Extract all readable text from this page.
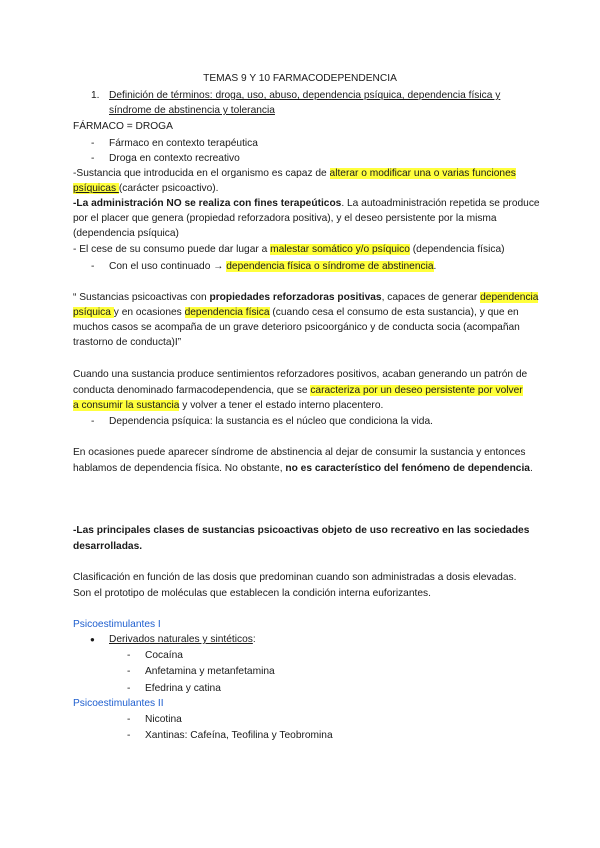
TEMAS 9 Y 10 FARMACODEPENDENCIA
1. Definición de términos: droga, uso, abuso, dependencia psíquica, dependencia física y
síndrome de abstinencia y tolerancia
FÁRMACO = DROGA
- Fármaco en contexto terapéutica
- Droga en contexto recreativo
-Sustancia que introducida en el organismo es capaz de alterar o modificar una o varias funciones
psíquicas (carácter psicoactivo).
-La administración NO se realiza con fines terapeúticos. La autoadministración repetida se produce
por el placer que genera (propiedad reforzadora positiva), y el deseo persistente por la misma
(dependencia psíquica)
- El cese de su consumo puede dar lugar a malestar somático y/o psíquico (dependencia física)
- Con el uso continuado → dependencia física o síndrome de abstinencia.
“ Sustancias psicoactivas con propiedades reforzadoras positivas, capaces de generar dependencia
psíquica y en ocasiones dependencia física (cuando cesa el consumo de esta sustancia), y que en
muchos casos se acompaña de un grave deterioro psicoorgánico y de conducta socia (acompañan
trastorno de conducta)I”
Cuando una sustancia produce sentimientos reforzadores positivos, acaban generando un patrón de
conducta denominado farmacodependencia, que se caracteriza por un deseo persistente por volver
a consumir la sustancia y volver a tener el estado interno placentero.
- Dependencia psíquica: la sustancia es el núcleo que condiciona la vida.
En ocasiones puede aparecer síndrome de abstinencia al dejar de consumir la sustancia y entonces
hablamos de dependencia física. No obstante, no es característico del fenómeno de dependencia.
-Las principales clases de sustancias psicoactivas objeto de uso recreativo en las sociedades
desarrolladas.
Clasificación en función de las dosis que predominan cuando son administradas a dosis elevadas.
Son el prototipo de moléculas que establecen la condición interna euforizantes.
Psicoestimulantes I
● Derivados naturales y sintéticos:
- Cocaína
- Anfetamina y metanfetamina
- Efedrina y catina
Psicoestimulantes II
- Nicotina
- Xantinas: Cafeína, Teofilina y Teobromina
